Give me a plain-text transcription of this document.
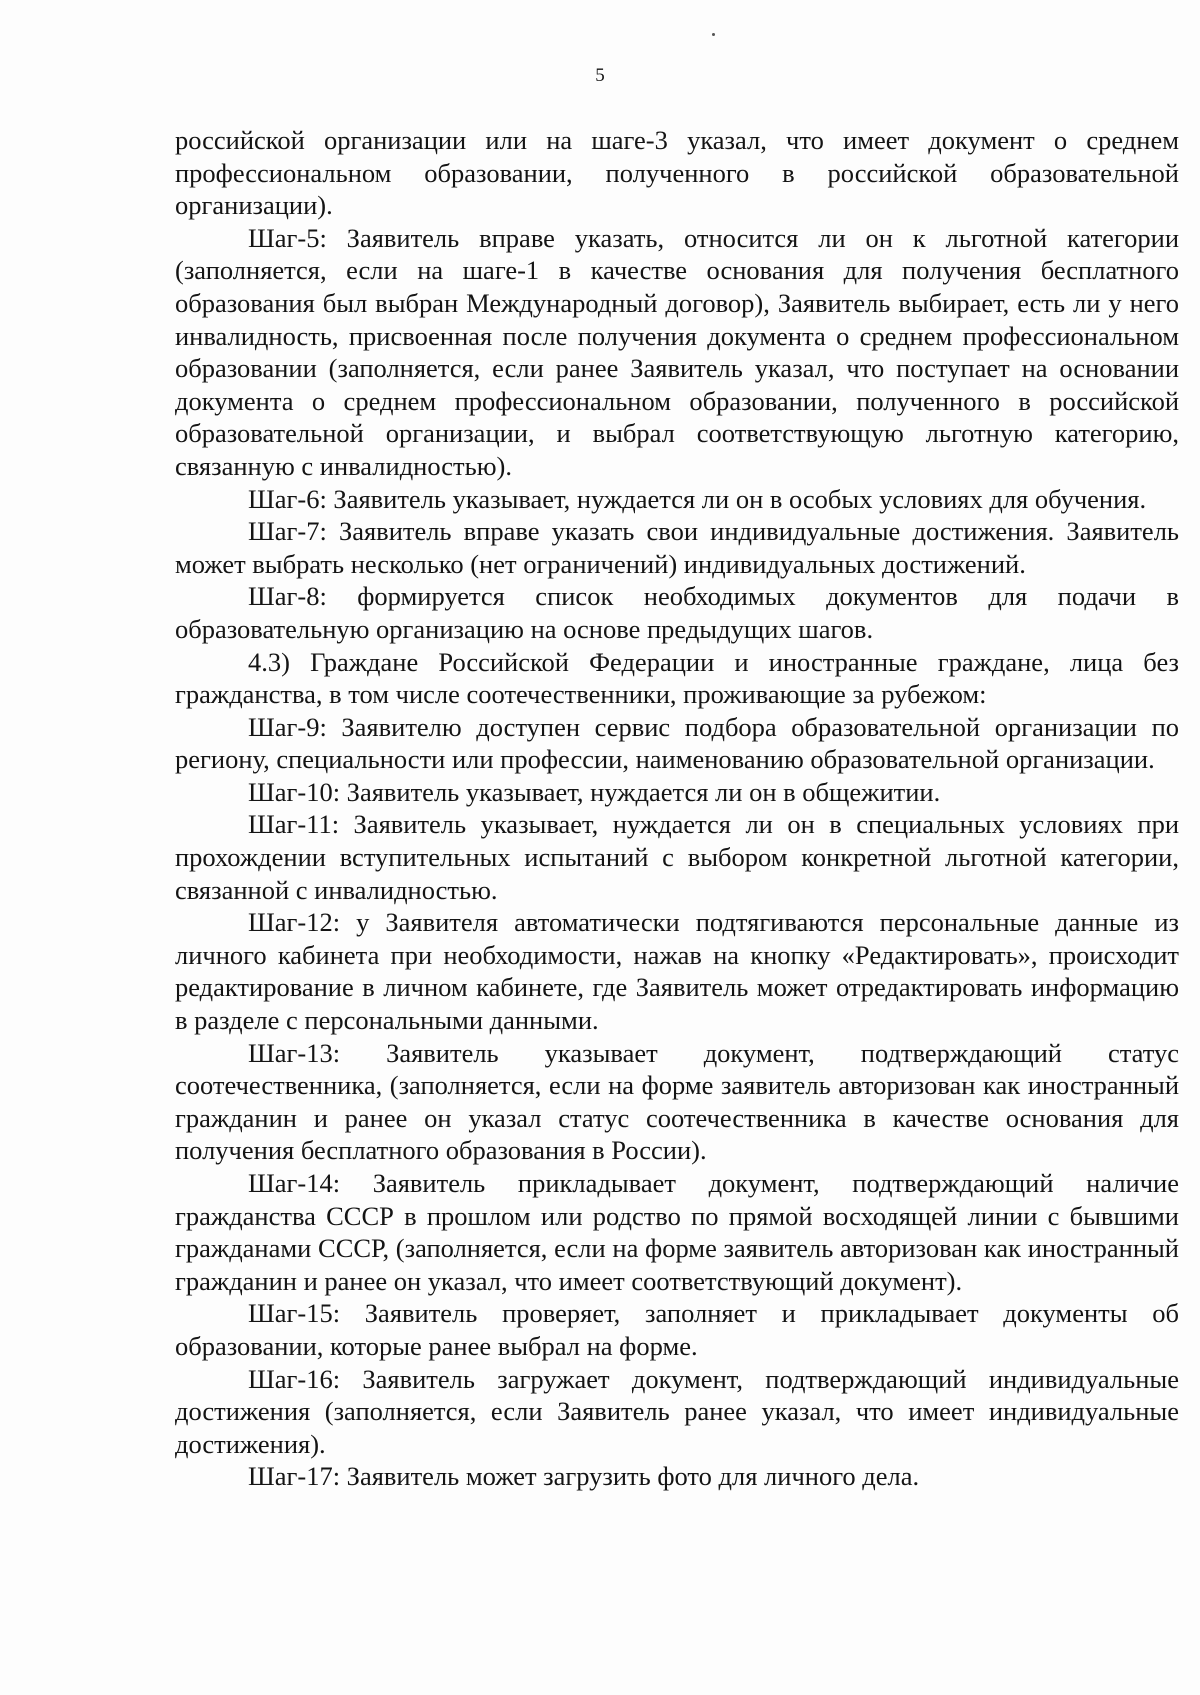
5

российской организации или на шаге-3 указал, что имеет документ о среднем профессиональном образовании, полученного в российской образовательной организации).

Шаг-5: Заявитель вправе указать, относится ли он к льготной категории (заполняется, если на шаге-1 в качестве основания для получения бесплатного образования был выбран Международный договор), Заявитель выбирает, есть ли у него инвалидность, присвоенная после получения документа о среднем профессиональном образовании (заполняется, если ранее Заявитель указал, что поступает на основании документа о среднем профессиональном образовании, полученного в российской образовательной организации, и выбрал соответствующую льготную категорию, связанную с инвалидностью).

Шаг-6: Заявитель указывает, нуждается ли он в особых условиях для обучения.

Шаг-7: Заявитель вправе указать свои индивидуальные достижения. Заявитель может выбрать несколько (нет ограничений) индивидуальных достижений.

Шаг-8: формируется список необходимых документов для подачи в образовательную организацию на основе предыдущих шагов.

4.3) Граждане Российской Федерации и иностранные граждане, лица без гражданства, в том числе соотечественники, проживающие за рубежом:

Шаг-9: Заявителю доступен сервис подбора образовательной организации по региону, специальности или профессии, наименованию образовательной организации.

Шаг-10: Заявитель указывает, нуждается ли он в общежитии.

Шаг-11: Заявитель указывает, нуждается ли он в специальных условиях при прохождении вступительных испытаний с выбором конкретной льготной категории, связанной с инвалидностью.

Шаг-12: у Заявителя автоматически подтягиваются персональные данные из личного кабинета при необходимости, нажав на кнопку «Редактировать», происходит редактирование в личном кабинете, где Заявитель может отредактировать информацию в разделе с персональными данными.

Шаг-13: Заявитель указывает документ, подтверждающий статус соотечественника, (заполняется, если на форме заявитель авторизован как иностранный гражданин и ранее он указал статус соотечественника в качестве основания для получения бесплатного образования в России).

Шаг-14: Заявитель прикладывает документ, подтверждающий наличие гражданства СССР в прошлом или родство по прямой восходящей линии с бывшими гражданами СССР, (заполняется, если на форме заявитель авторизован как иностранный гражданин и ранее он указал, что имеет соответствующий документ).

Шаг-15: Заявитель проверяет, заполняет и прикладывает документы об образовании, которые ранее выбрал на форме.

Шаг-16: Заявитель загружает документ, подтверждающий индивидуальные достижения (заполняется, если Заявитель ранее указал, что имеет индивидуальные достижения).

Шаг-17: Заявитель может загрузить фото для личного дела.
